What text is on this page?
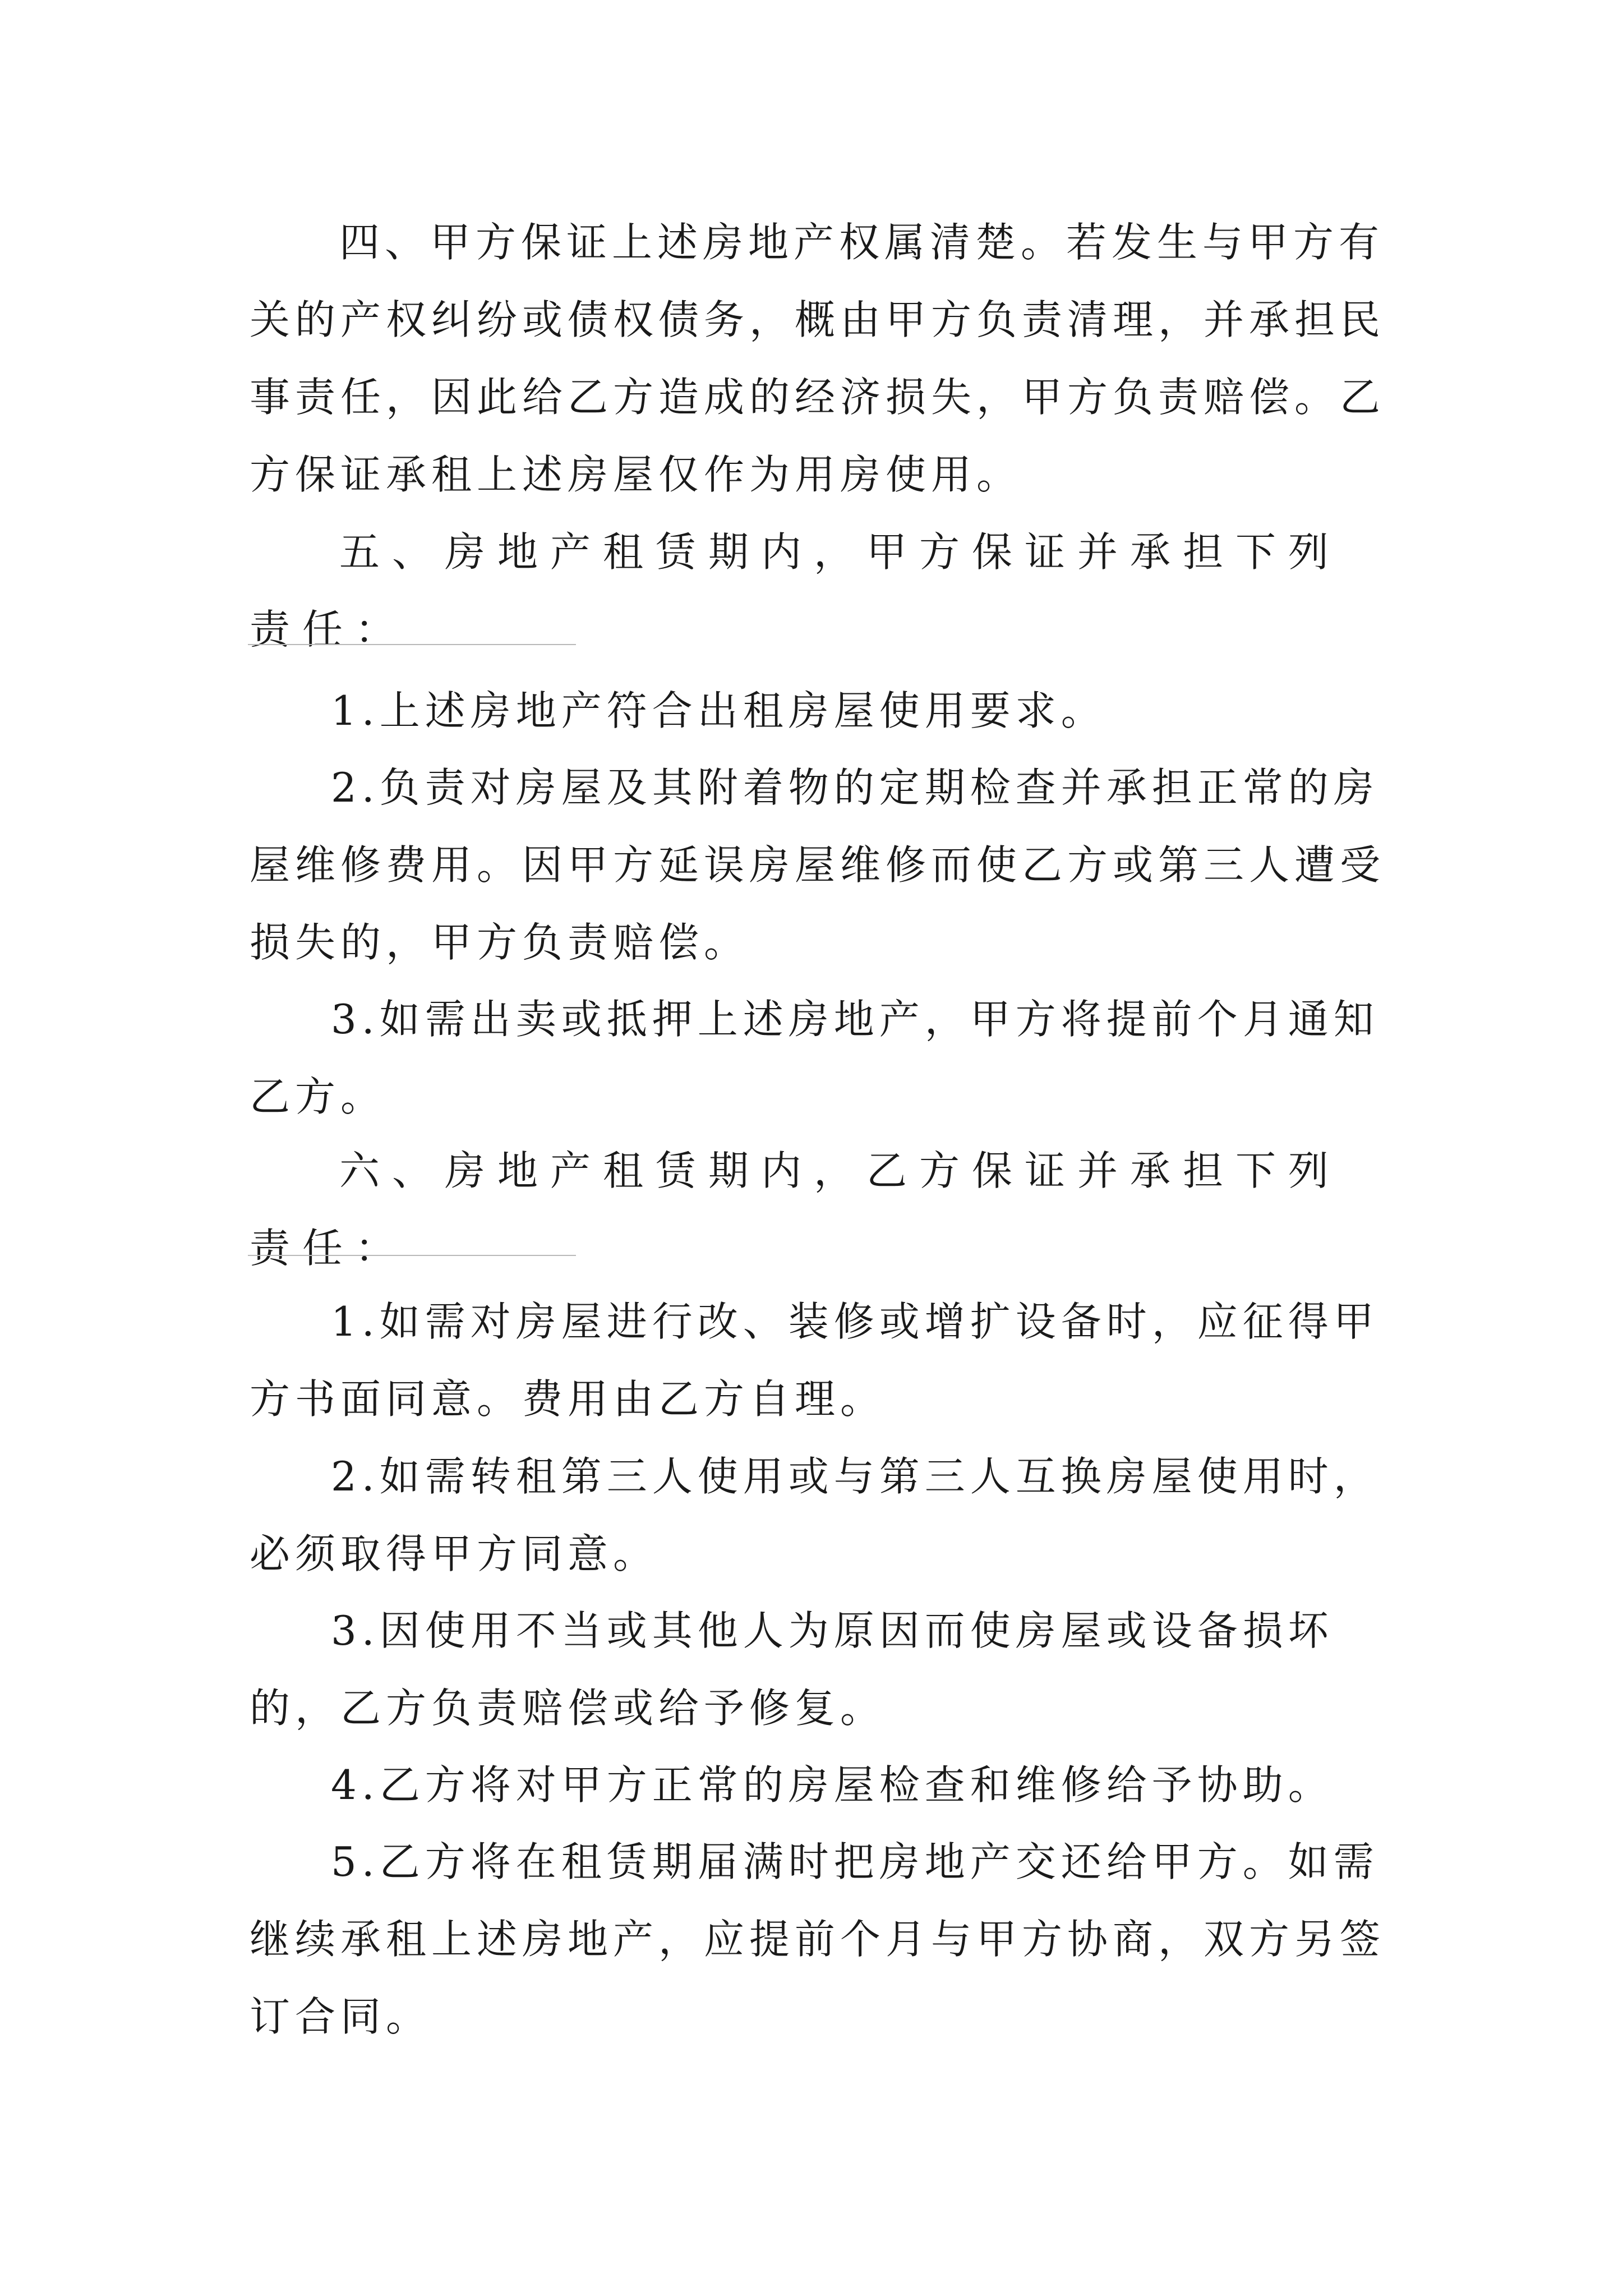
四、甲方保证上述房地产权属清楚。若发生与甲方有关的产权纠纷或债权债务，概由甲方负责清理，并承担民事责任，因此给乙方造成的经济损失，甲方负责赔偿。乙方保证承租上述房屋仅作为用房使用。

五、房地产租赁期内，甲方保证并承担下列责任：

1.上述房地产符合出租房屋使用要求。

2.负责对房屋及其附着物的定期检查并承担正常的房屋维修费用。因甲方延误房屋维修而使乙方或第三人遭受损失的，甲方负责赔偿。

3.如需出卖或抵押上述房地产，甲方将提前个月通知乙方。

六、房地产租赁期内，乙方保证并承担下列责任：

1.如需对房屋进行改、装修或增扩设备时，应征得甲方书面同意。费用由乙方自理。

2.如需转租第三人使用或与第三人互换房屋使用时，必须取得甲方同意。

3.因使用不当或其他人为原因而使房屋或设备损坏的，乙方负责赔偿或给予修复。

4.乙方将对甲方正常的房屋检查和维修给予协助。

5.乙方将在租赁期届满时把房地产交还给甲方。如需继续承租上述房地产，应提前个月与甲方协商，双方另签订合同。
